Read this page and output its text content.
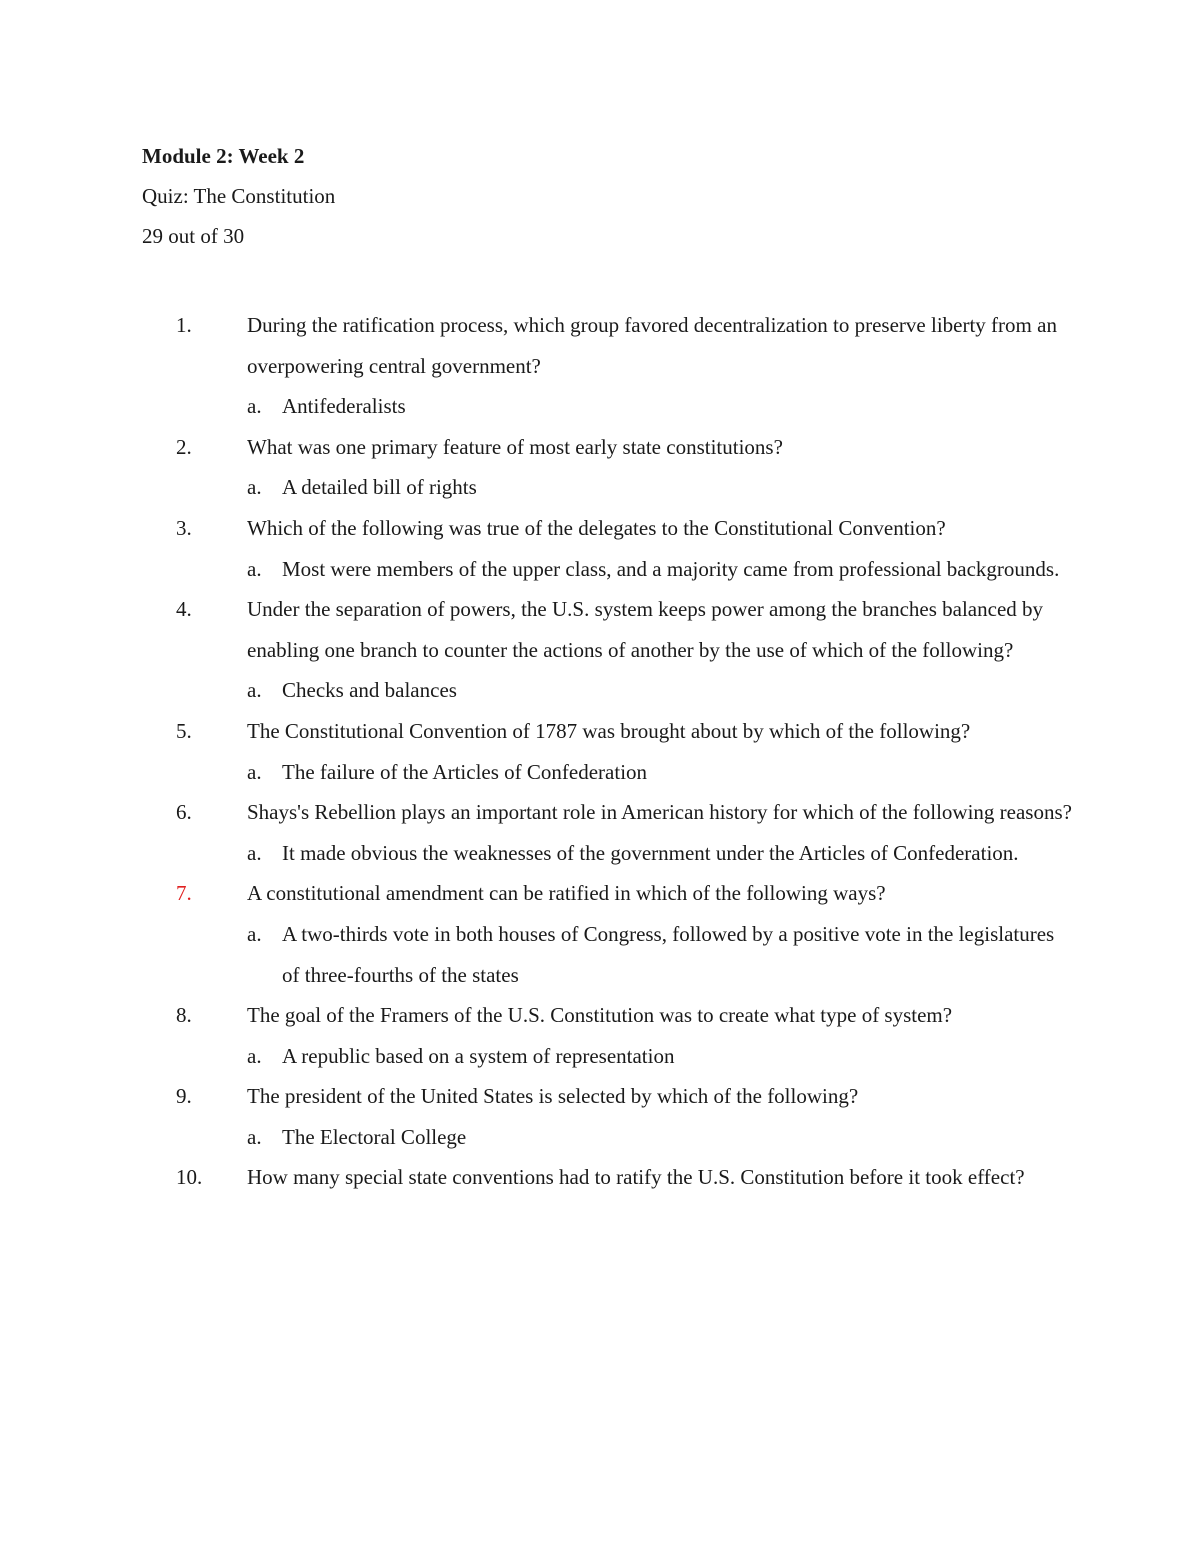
Module 2: Week 2
Quiz: The Constitution
29 out of 30
1.	During the ratification process, which group favored decentralization to preserve liberty from an overpowering central government?
a. Antifederalists
2.	What was one primary feature of most early state constitutions?
a. A detailed bill of rights
3.	Which of the following was true of the delegates to the Constitutional Convention?
a. Most were members of the upper class, and a majority came from professional backgrounds.
4.	Under the separation of powers, the U.S. system keeps power among the branches balanced by enabling one branch to counter the actions of another by the use of which of the following?
a. Checks and balances
5.	The Constitutional Convention of 1787 was brought about by which of the following?
a. The failure of the Articles of Confederation
6.	Shays's Rebellion plays an important role in American history for which of the following reasons?
a. It made obvious the weaknesses of the government under the Articles of Confederation.
7.	A constitutional amendment can be ratified in which of the following ways?
a. A two-thirds vote in both houses of Congress, followed by a positive vote in the legislatures of three-fourths of the states
8.	The goal of the Framers of the U.S. Constitution was to create what type of system?
a. A republic based on a system of representation
9.	The president of the United States is selected by which of the following?
a. The Electoral College
10.	How many special state conventions had to ratify the U.S. Constitution before it took effect?
